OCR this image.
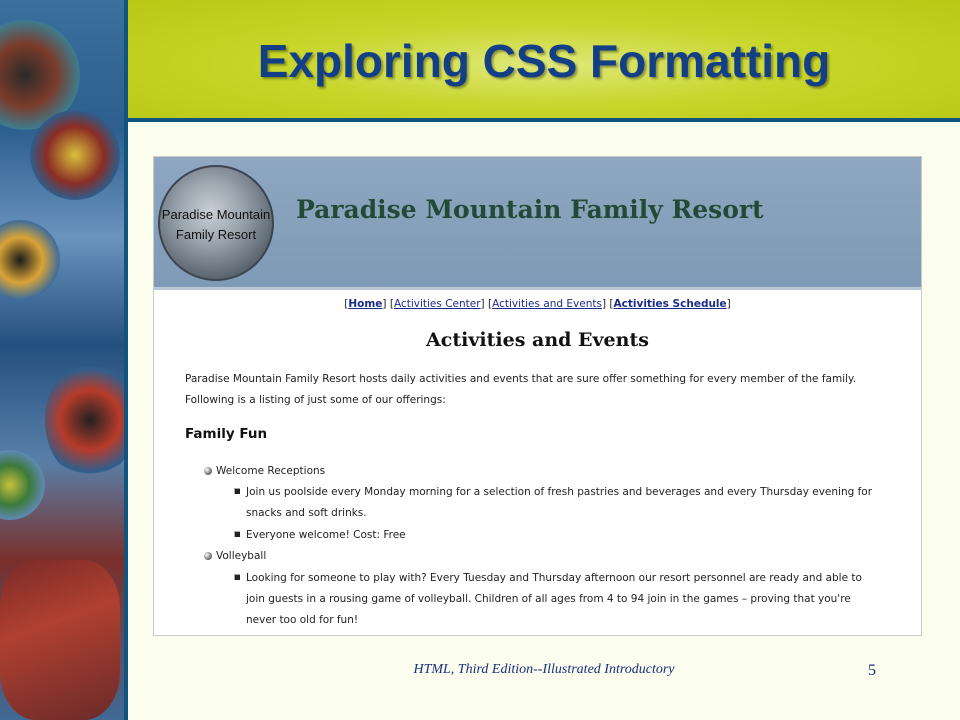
Exploring CSS Formatting
Paradise Mountain
Family Resort
Paradise Mountain Family Resort
[Home] [Activities Center] [Activities and Events] [Activities Schedule]
Activities and Events
Paradise Mountain Family Resort hosts daily activities and events that are sure offer something for every member of the family.
Following is a listing of just some of our offerings:
Family Fun
Welcome Receptions
Join us poolside every Monday morning for a selection of fresh pastries and beverages and every Thursday evening for
snacks and soft drinks.
Everyone welcome! Cost: Free
Volleyball
Looking for someone to play with? Every Tuesday and Thursday afternoon our resort personnel are ready and able to
join guests in a rousing game of volleyball. Children of all ages from 4 to 94 join in the games – proving that you're
never too old for fun!
HTML, Third Edition--Illustrated Introductory	5
